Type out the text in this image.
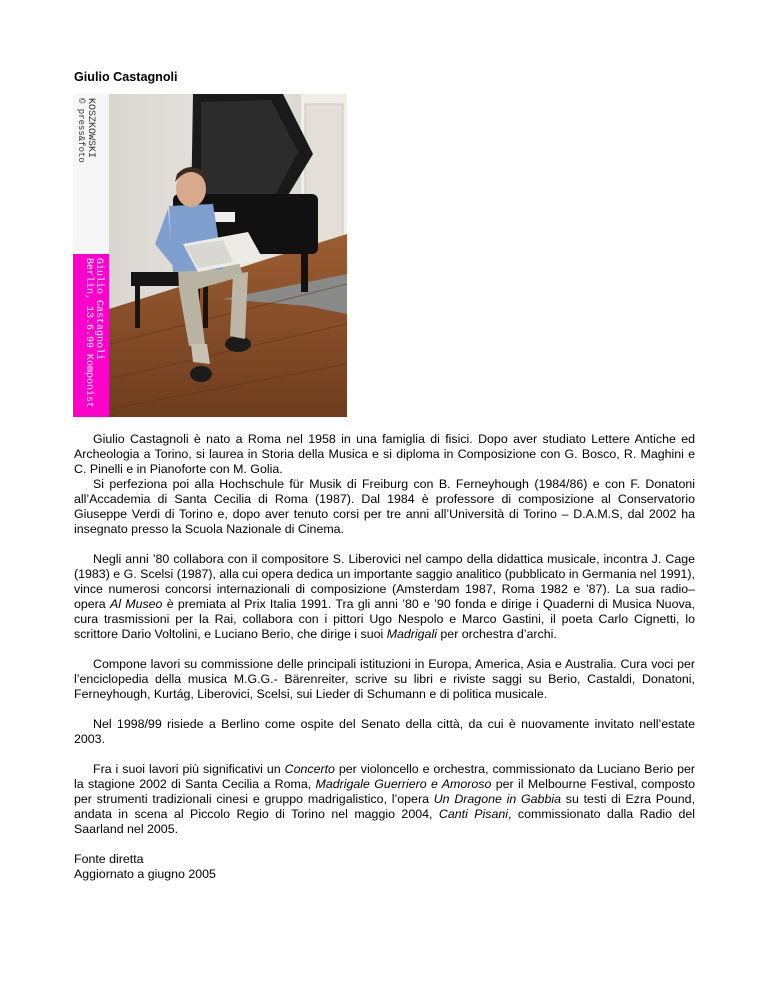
Giulio Castagnoli
© press&foto KOSZKOWSKI
Berlin, 13.6.99 Komponist Giulio Castagnoli

Giulio Castagnoli è nato a Roma nel 1958 in una famiglia di fisici. Dopo aver studiato Lettere Antiche ed Archeologia a Torino, si laurea in Storia della Musica e si diploma in Composizione con G. Bosco, R. Maghini e C. Pinelli e in Pianoforte con M. Golia.

Si perfeziona poi alla Hochschule für Musik di Freiburg con B. Ferneyhough (1984/86) e con F. Donatoni all’Accademia di Santa Cecilia di Roma (1987). Dal 1984 è professore di composizione al Conservatorio Giuseppe Verdi di Torino e, dopo aver tenuto corsi per tre anni all’Università di Torino – D.A.M.S, dal 2002 ha insegnato presso la Scuola Nazionale di Cinema.

Negli anni ’80 collabora con il compositore S. Liberovici nel campo della didattica musicale, incontra J. Cage (1983) e G. Scelsi (1987), alla cui opera dedica un importante saggio analitico (pubblicato in Germania nel 1991), vince numerosi concorsi internazionali di composizione (Amsterdam 1987, Roma 1982 e ’87). La sua radio–opera Al Museo è premiata al Prix Italia 1991. Tra gli anni ’80 e ’90 fonda e dirige i Quaderni di Musica Nuova, cura trasmissioni per la Rai, collabora con i pittori Ugo Nespolo e Marco Gastini, il poeta Carlo Cignetti, lo scrittore Dario Voltolini, e Luciano Berio, che dirige i suoi Madrigali per orchestra d’archi.

Compone lavori su commissione delle principali istituzioni in Europa, America, Asia e Australia. Cura voci per l’enciclopedia della musica M.G.G.- Bärenreiter, scrive su libri e riviste saggi su Berio, Castaldi, Donatoni, Ferneyhough, Kurtág, Liberovici, Scelsi, sui Lieder di Schumann e di politica musicale.

Nel 1998/99 risiede a Berlino come ospite del Senato della città, da cui è nuovamente invitato nell’estate 2003.

Fra i suoi lavori più significativi un Concerto per violoncello e orchestra, commissionato da Luciano Berio per la stagione 2002 di Santa Cecilia a Roma, Madrigale Guerriero e Amoroso per il Melbourne Festival, composto per strumenti tradizionali cinesi e gruppo madrigalistico, l’opera Un Dragone in Gabbia su testi di Ezra Pound, andata in scena al Piccolo Regio di Torino nel maggio 2004, Canti Pisani, commissionato dalla Radio del Saarland nel 2005.

Fonte diretta

Aggiornato a giugno 2005
